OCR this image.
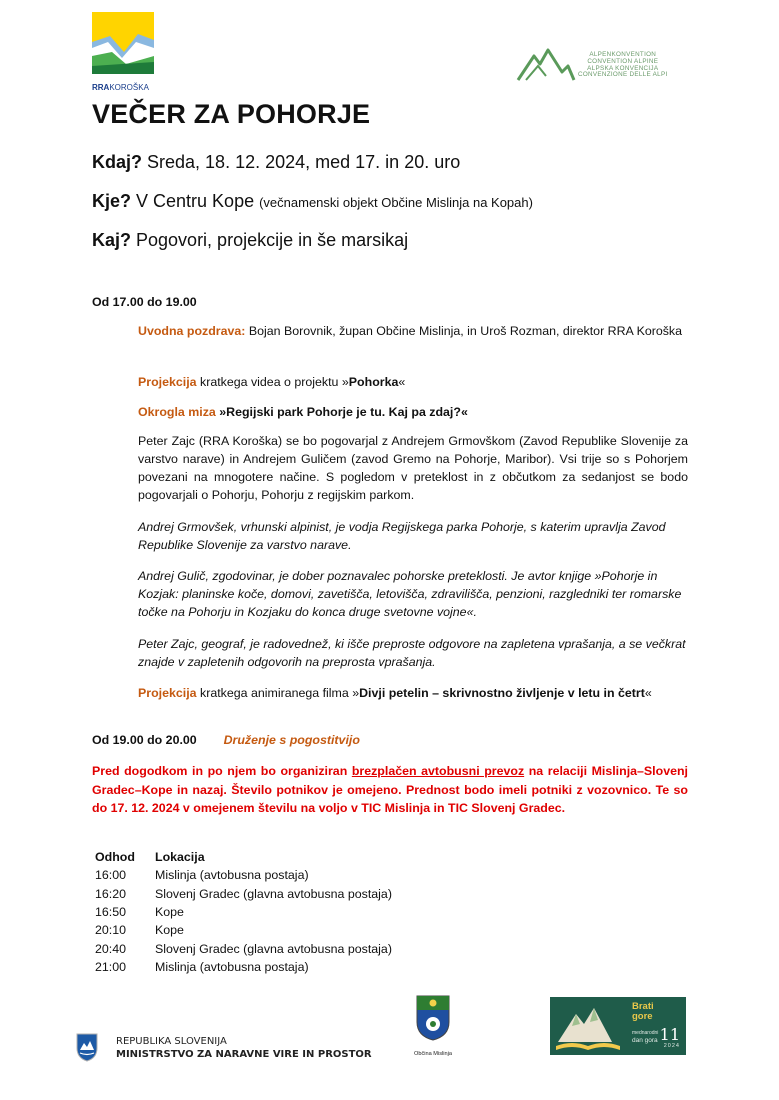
RRAKOROŠKA
ALPENKONVENTION
CONVENTION ALPINE
ALPSKA KONVENCIJA
CONVENZIONE DELLE ALPI
VEČER ZA POHORJE
Kdaj? Sreda, 18. 12. 2024, med 17. in 20. uro
Kje? V Centru Kope (večnamenski objekt Občine Mislinja na Kopah)
Kaj? Pogovori, projekcije in še marsikaj
Od 17.00 do 19.00
Uvodna pozdrava: Bojan Borovnik, župan Občine Mislinja, in Uroš Rozman, direktor RRA Koroška
Projekcija kratkega videa o projektu »Pohorka«
Okrogla miza »Regijski park Pohorje je tu. Kaj pa zdaj?«
Peter Zajc (RRA Koroška) se bo pogovarjal z Andrejem Grmovškom (Zavod Republike Slovenije za varstvo narave) in Andrejem Guličem (zavod Gremo na Pohorje, Maribor). Vsi trije so s Pohorjem povezani na mnogotere načine. S pogledom v preteklost in z občutkom za sedanjost se bodo pogovarjali o Pohorju, Pohorju z regijskim parkom.
Andrej Grmovšek, vrhunski alpinist, je vodja Regijskega parka Pohorje, s katerim upravlja Zavod Republike Slovenije za varstvo narave.
Andrej Gulič, zgodovinar, je dober poznavalec pohorske preteklosti. Je avtor knjige »Pohorje in Kozjak: planinske koče, domovi, zavetišča, letovišča, zdravilišča, penzioni, razgledniki ter romarske točke na Pohorju in Kozjaku do konca druge svetovne vojne«.
Peter Zajc, geograf, je radovednež, ki išče preproste odgovore na zapletena vprašanja, a se večkrat znajde v zapletenih odgovorih na preprosta vprašanja.
Projekcija kratkega animiranega filma »Divji petelin – skrivnostno življenje v letu in četrt«
Od 19.00 do 20.00 Druženje s pogostitvijo
Pred dogodkom in po njem bo organiziran brezplačen avtobusni prevoz na relaciji Mislinja–Slovenj Gradec–Kope in nazaj. Število potnikov je omejeno. Prednost bodo imeli potniki z vozovnico. Te so do 17. 12. 2024 v omejenem številu na voljo v TIC Mislinja in TIC Slovenj Gradec.
Odhod	Lokacija
16:00	Mislinja (avtobusna postaja)
16:20	Slovenj Gradec (glavna avtobusna postaja)
16:50	Kope
20:10	Kope
20:40	Slovenj Gradec (glavna avtobusna postaja)
21:00	Mislinja (avtobusna postaja)
REPUBLIKA SLOVENIJA
MINISTRSTVO ZA NARAVNE VIRE IN PROSTOR	Občina Mislinja
Brati
gore
mednarodni
dan gora 11
2024
